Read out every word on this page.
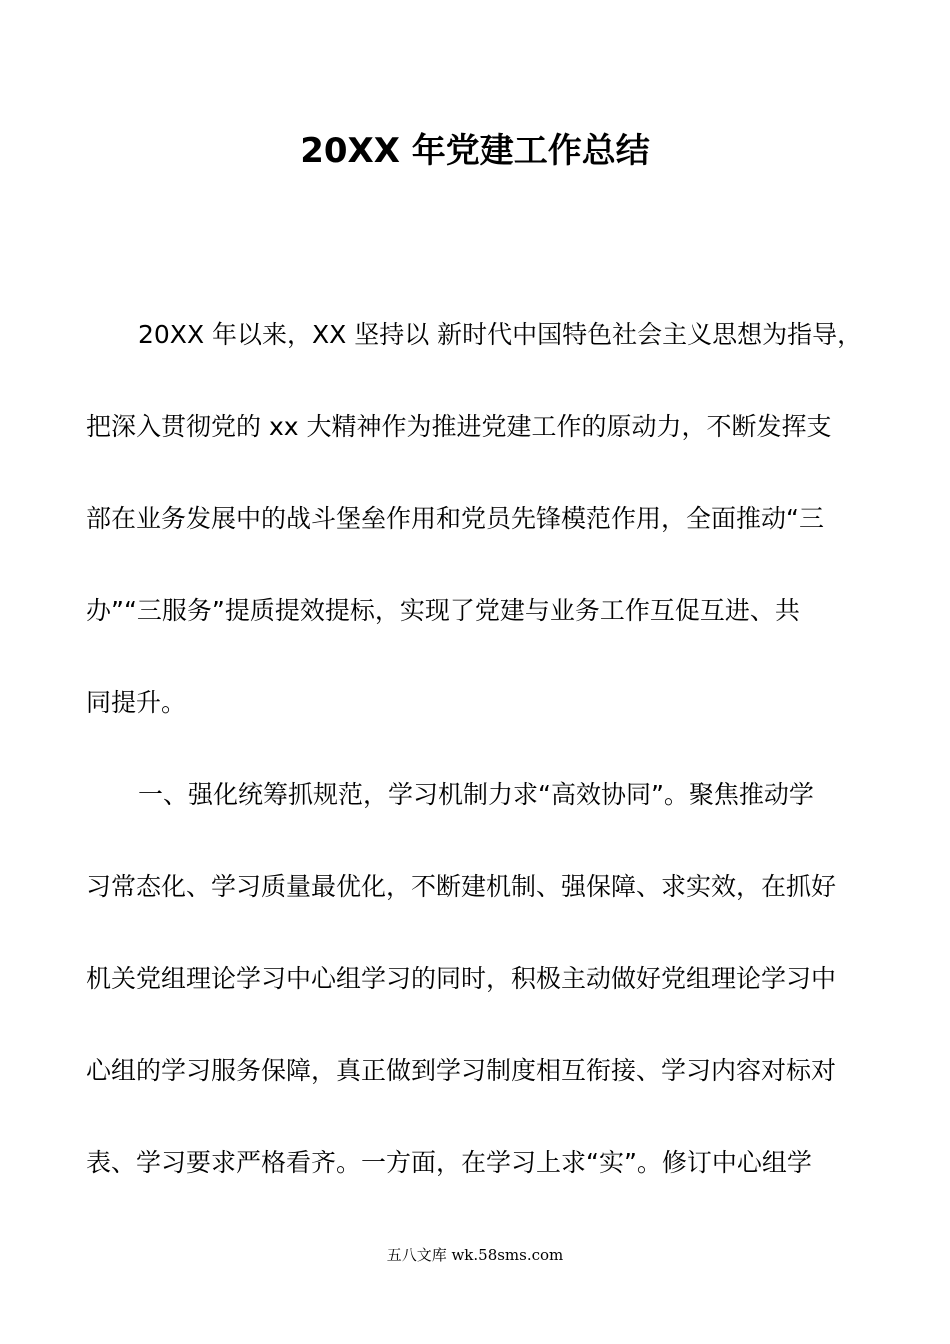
20XX 年党建工作总结
20XX 年以来，XX 坚持以 新时代中国特色社会主义思想为指导，
把深入贯彻党的 xx 大精神作为推进党建工作的原动力，不断发挥支
部在业务发展中的战斗堡垒作用和党员先锋模范作用，全面推动“三
办”“三服务”提质提效提标，实现了党建与业务工作互促互进、共
同提升。
一、强化统筹抓规范，学习机制力求“高效协同”。聚焦推动学
习常态化、学习质量最优化，不断建机制、强保障、求实效，在抓好
机关党组理论学习中心组学习的同时，积极主动做好党组理论学习中
心组的学习服务保障，真正做到学习制度相互衔接、学习内容对标对
表、学习要求严格看齐。一方面，在学习上求“实”。修订中心组学
五八文库 wk.58sms.com
